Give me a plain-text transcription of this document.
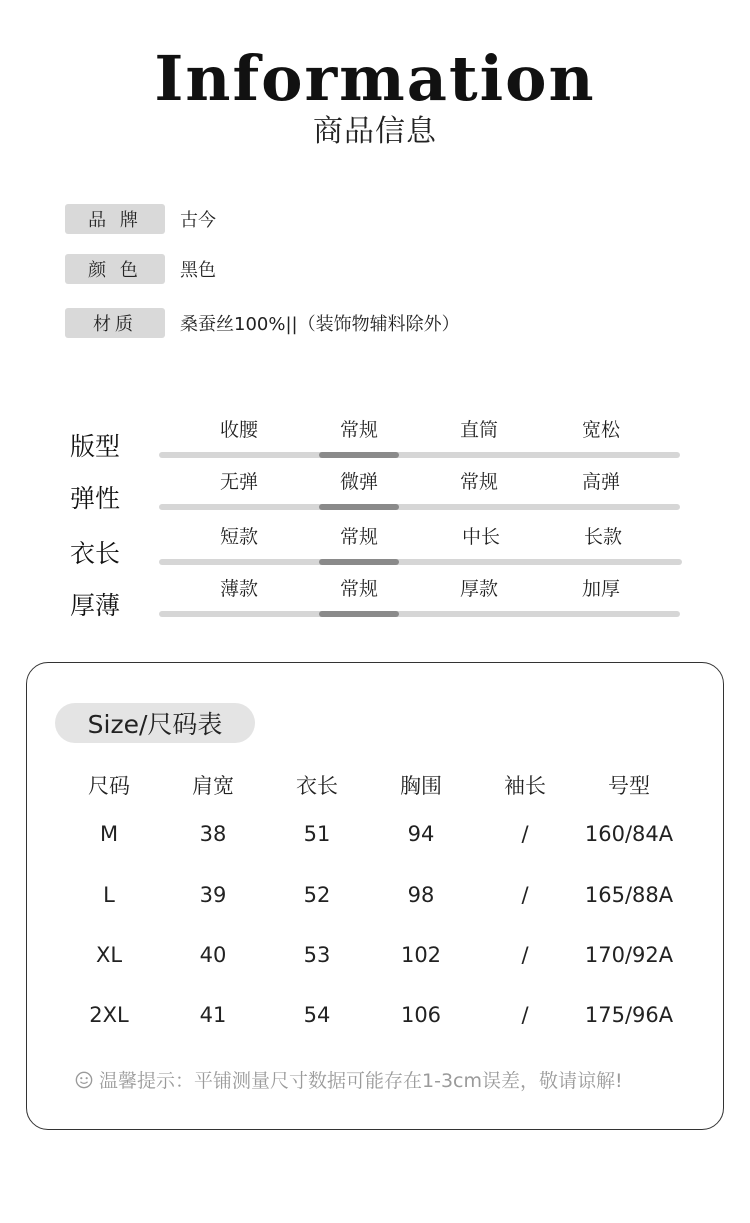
Information
商品信息
品 牌	古今
颜 色	黑色
材质	桑蚕丝100%||（装饰物辅料除外）
版型
收腰	常规	直筒	宽松
弹性
无弹	微弹	常规	高弹
衣长
短款	常规	中长	长款
厚薄
薄款	常规	厚款	加厚
Size/尺码表
尺码	肩宽	衣长	胸围	袖长	号型
M	38	51	94	/	160/84A
L	39	52	98	/	165/88A
XL	40	53	102	/	170/92A
2XL	41	54	106	/	175/96A
温馨提示：平铺测量尺寸数据可能存在1-3cm误差，敬请谅解!
